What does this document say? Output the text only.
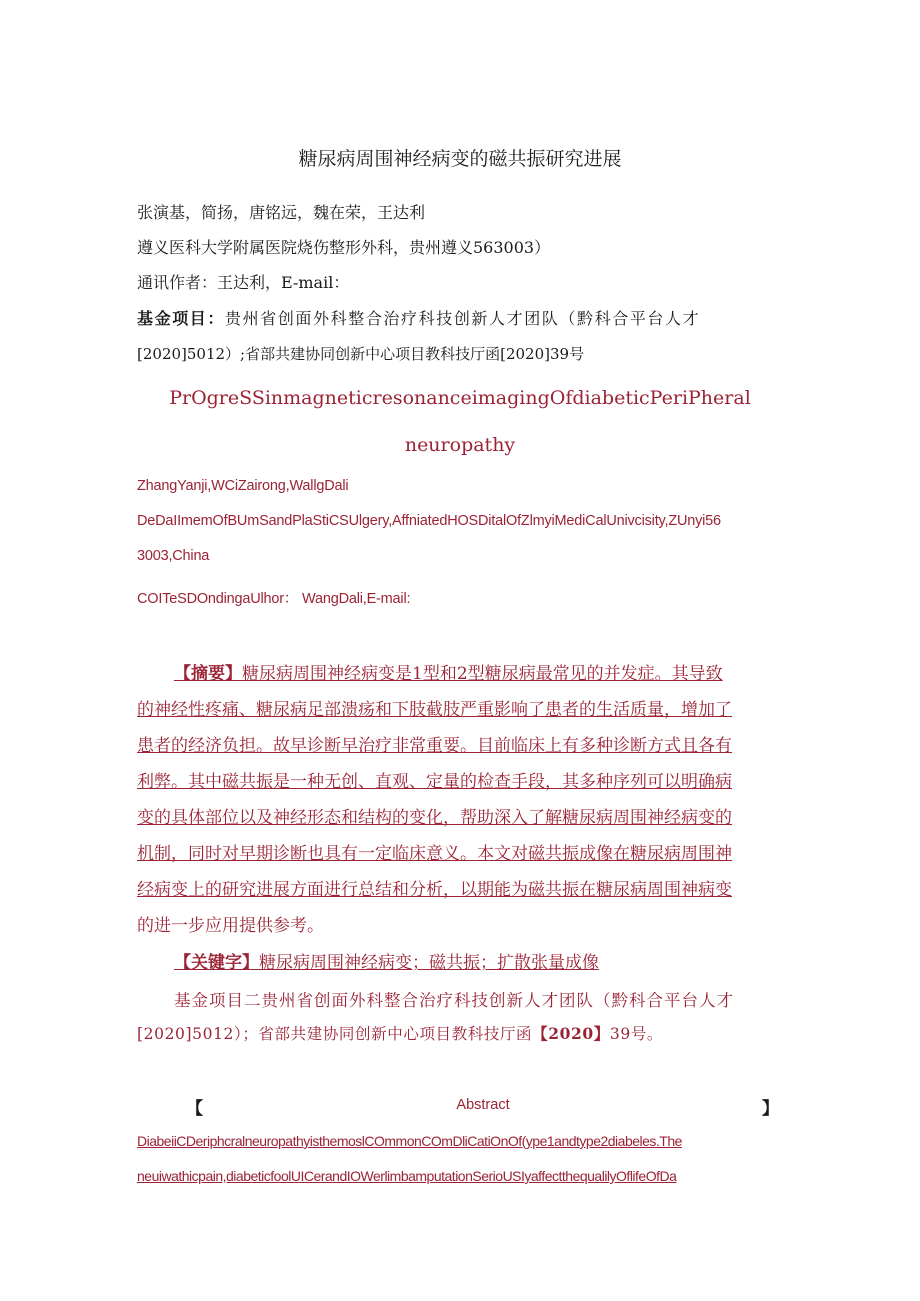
糖尿病周围神经病变的磁共振研究进展
张演基，简扬，唐铭远，魏在荣，王达利
遵义医科大学附属医院烧伤整形外科，贵州遵义563003）
通讯作者：王达利，E-mail：
基金项目：贵州省创面外科整合治疗科技创新人才团队（黔科合平台人才
[2020]5012）;省部共建协同创新中心项目教科技厅函[2020]39号
PrOgreSSinmagneticresonanceimagingOfdiabeticPeriPheral
neuropathy
ZhangYanji,WCiZairong,WallgDali
DeDaIImemOfBUmSandPlaStiCSUlgery,AffniatedHOSDitalOfZlmyiMediCalUnivcisity,ZUnyi56
3003,China
COITeSDOndingaUlhor： WangDali,E-mail:
【摘要】糖尿病周围神经病变是1型和2型糖尿病最常见的并发症。其导致
的神经性疼痛、糖尿病足部溃疡和下肢截肢严重影响了患者的生活质量，增加了
患者的经济负担。故早诊断早治疗非常重要。目前临床上有多种诊断方式且各有
利弊。其中磁共振是一种无创、直观、定量的检查手段，其多种序列可以明确病
变的具体部位以及神经形态和结构的变化，帮助深入了解糖尿病周围神经病变的
机制，同时对早期诊断也具有一定临床意义。本文对磁共振成像在糖尿病周围神
经病变上的研究进展方面进行总结和分析，以期能为磁共振在糖尿病周围神病变
的进一步应用提供参考。
【关键字】糖尿病周围神经病变；磁共振；扩散张量成像
基金项目二贵州省创面外科整合治疗科技创新人才团队（黔科合平台人才
[2020]5012）；省部共建协同创新中心项目教科技厅函【2020】39号。
【	Abstract	】
DiabeiiCDeriphcralneuropathyisthemoslCOmmonCOmDliCatiOnOf(ype1andtype2diabeles.The
neuiwathicpain,diabeticfoolUICerandIOWerlimbamputationSerioUSIyaffectthequalilyOflifeOfDa
